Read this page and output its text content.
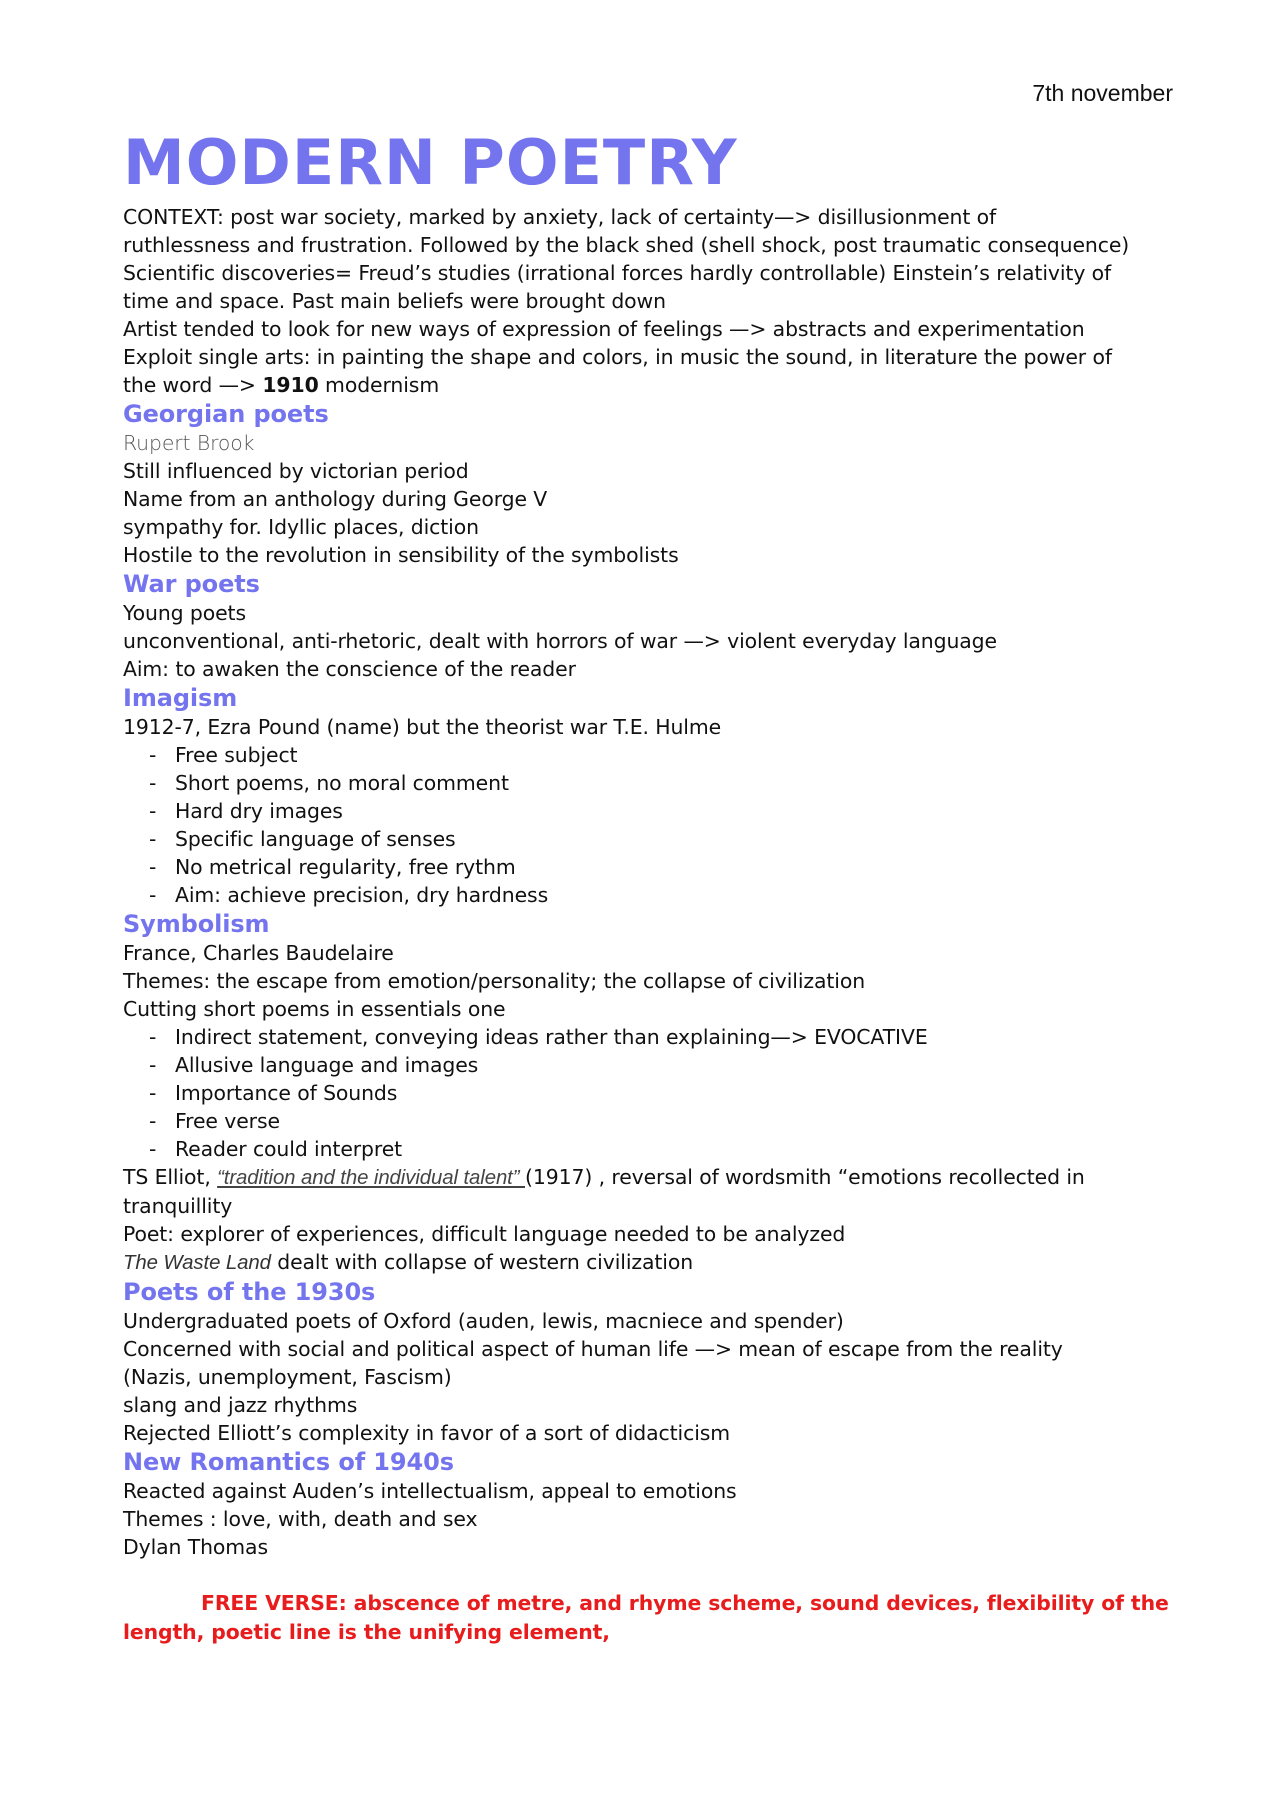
7th november
MODERN POETRY
CONTEXT: post war society, marked by anxiety, lack of certainty—> disillusionment of
ruthlessness and frustration. Followed by the black shed (shell shock, post traumatic consequence)
Scientific discoveries= Freud’s studies (irrational forces hardly controllable) Einstein’s relativity of
time and space. Past main beliefs were brought down
Artist tended to look for new ways of expression of feelings —> abstracts and experimentation
Exploit single arts: in painting the shape and colors, in music the sound, in literature the power of
the word —> 1910 modernism
Georgian poets
Rupert Brook
Still influenced by victorian period
Name from an anthology during George V
sympathy for. Idyllic places, diction
Hostile to the revolution in sensibility of the symbolists
War poets
Young poets
unconventional, anti-rhetoric, dealt with horrors of war —> violent everyday language
Aim: to awaken the conscience of the reader
Imagism
1912-7, Ezra Pound (name) but the theorist war T.E. Hulme
- Free subject
- Short poems, no moral comment
- Hard dry images
- Specific language of senses
- No metrical regularity, free rythm
- Aim: achieve precision, dry hardness
Symbolism
France, Charles Baudelaire
Themes: the escape from emotion/personality; the collapse of civilization
Cutting short poems in essentials one
- Indirect statement, conveying ideas rather than explaining—> EVOCATIVE
- Allusive language and images
- Importance of Sounds
- Free verse
- Reader could interpret
TS Elliot, “tradition and the individual talent” (1917) , reversal of wordsmith “emotions recollected in
tranquillity
Poet: explorer of experiences, difficult language needed to be analyzed
The Waste Land dealt with collapse of western civilization
Poets of the 1930s
Undergraduated poets of Oxford (auden, lewis, macniece and spender)
Concerned with social and political aspect of human life —> mean of escape from the reality
(Nazis, unemployment, Fascism)
slang and jazz rhythms
Rejected Elliott’s complexity in favor of a sort of didacticism
New Romantics of 1940s
Reacted against Auden’s intellectualism, appeal to emotions
Themes : love, with, death and sex
Dylan Thomas
FREE VERSE: abscence of metre, and rhyme scheme, sound devices, flexibility of the length, poetic line is the unifying element,
